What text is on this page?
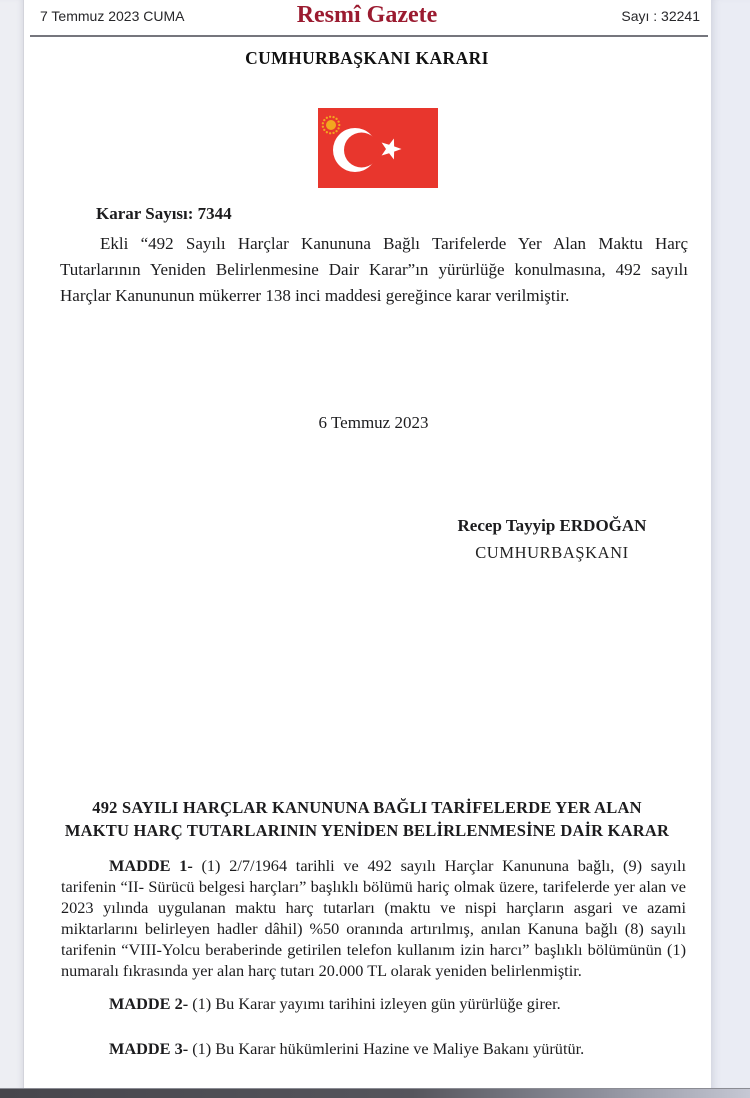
7 Temmuz 2023 CUMA	Resmî Gazete	Sayı : 32241
CUMHURBAŞKANI KARARI
Karar Sayısı: 7344

Ekli “492 Sayılı Harçlar Kanununa Bağlı Tarifelerde Yer Alan Maktu Harç Tutarlarının Yeniden Belirlenmesine Dair Karar”ın yürürlüğe konulmasına, 492 sayılı Harçlar Kanununun mükerrer 138 inci maddesi gereğince karar verilmiştir.

6 Temmuz 2023
Recep Tayyip ERDOĞAN
CUMHURBAŞKANI

492 SAYILI HARÇLAR KANUNUNA BAĞLI TARİFELERDE YER ALAN
MAKTU HARÇ TUTARLARININ YENİDEN BELİRLENMESİNE DAİR KARAR

MADDE 1- (1) 2/7/1964 tarihli ve 492 sayılı Harçlar Kanununa bağlı, (9) sayılı tarifenin “II- Sürücü belgesi harçları” başlıklı bölümü hariç olmak üzere, tarifelerde yer alan ve 2023 yılında uygulanan maktu harç tutarları (maktu ve nispi harçların asgari ve azami miktarlarını belirleyen hadler dâhil) %50 oranında artırılmış, anılan Kanuna bağlı (8) sayılı tarifenin “VIII-Yolcu beraberinde getirilen telefon kullanım izin harcı” başlıklı bölümünün (1) numaralı fıkrasında yer alan harç tutarı 20.000 TL olarak yeniden belirlenmiştir.

MADDE 2- (1) Bu Karar yayımı tarihini izleyen gün yürürlüğe girer.

MADDE 3- (1) Bu Karar hükümlerini Hazine ve Maliye Bakanı yürütür.
